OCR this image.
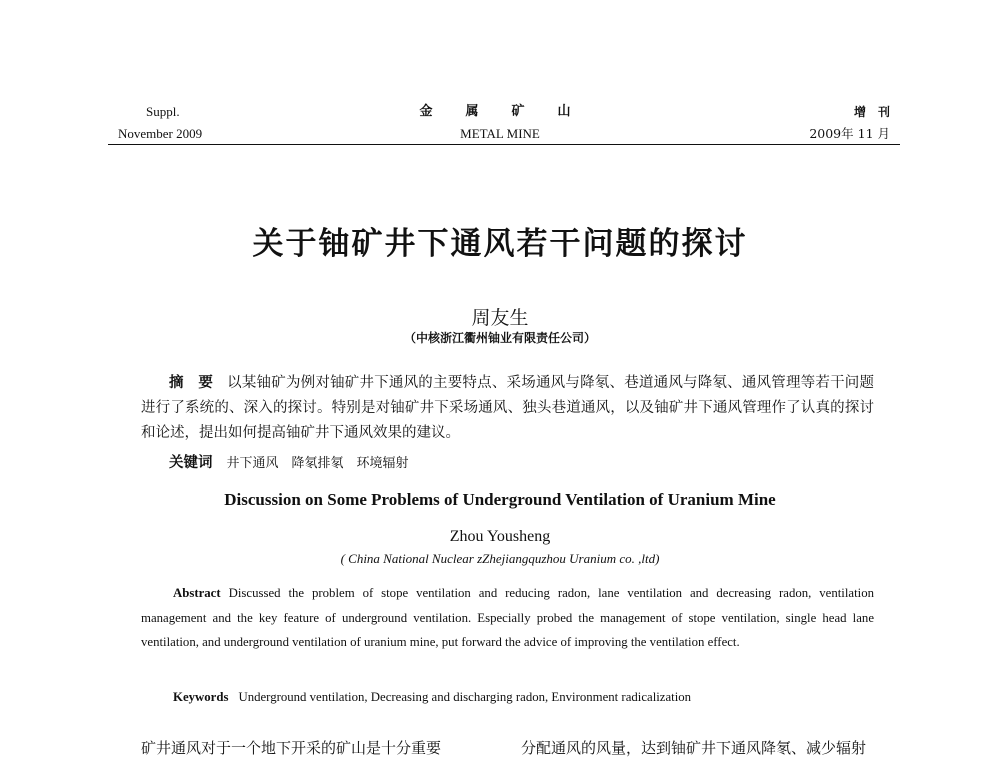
Suppl.
November 2009
金　属　矿　山
METAL MINE
增　刊
2009年 11 月
关于铀矿井下通风若干问题的探讨
周友生
（中核浙江衢州铀业有限责任公司）
摘　要 以某铀矿为例对铀矿井下通风的主要特点、采场通风与降氡、巷道通风与降氡、通风管理等若干问题进行了系统的、深入的探讨。特别是对铀矿井下采场通风、独头巷道通风，以及铀矿井下通风管理作了认真的探讨和论述，提出如何提高铀矿井下通风效果的建议。
关键词 井下通风　降氡排氡　环境辐射
Discussion on Some Problems of Underground Ventilation of Uranium Mine
Zhou Yousheng
( China National Nuclear zZhejiangquzhou Uranium co. ,ltd)
Abstract Discussed the problem of stope ventilation and reducing radon, lane ventilation and decreasing radon, ventilation management and the key feature of underground ventilation. Especially probed the management of stope ventilation, single head lane ventilation, and underground ventilation of uranium mine, put forward the advice of improving the ventilation effect.
Keywords Underground ventilation, Decreasing and discharging radon, Environment radicalization
矿井通风对于一个地下开采的矿山是十分重要	分配通风的风量，达到铀矿井下通风降氡、减少辐射
